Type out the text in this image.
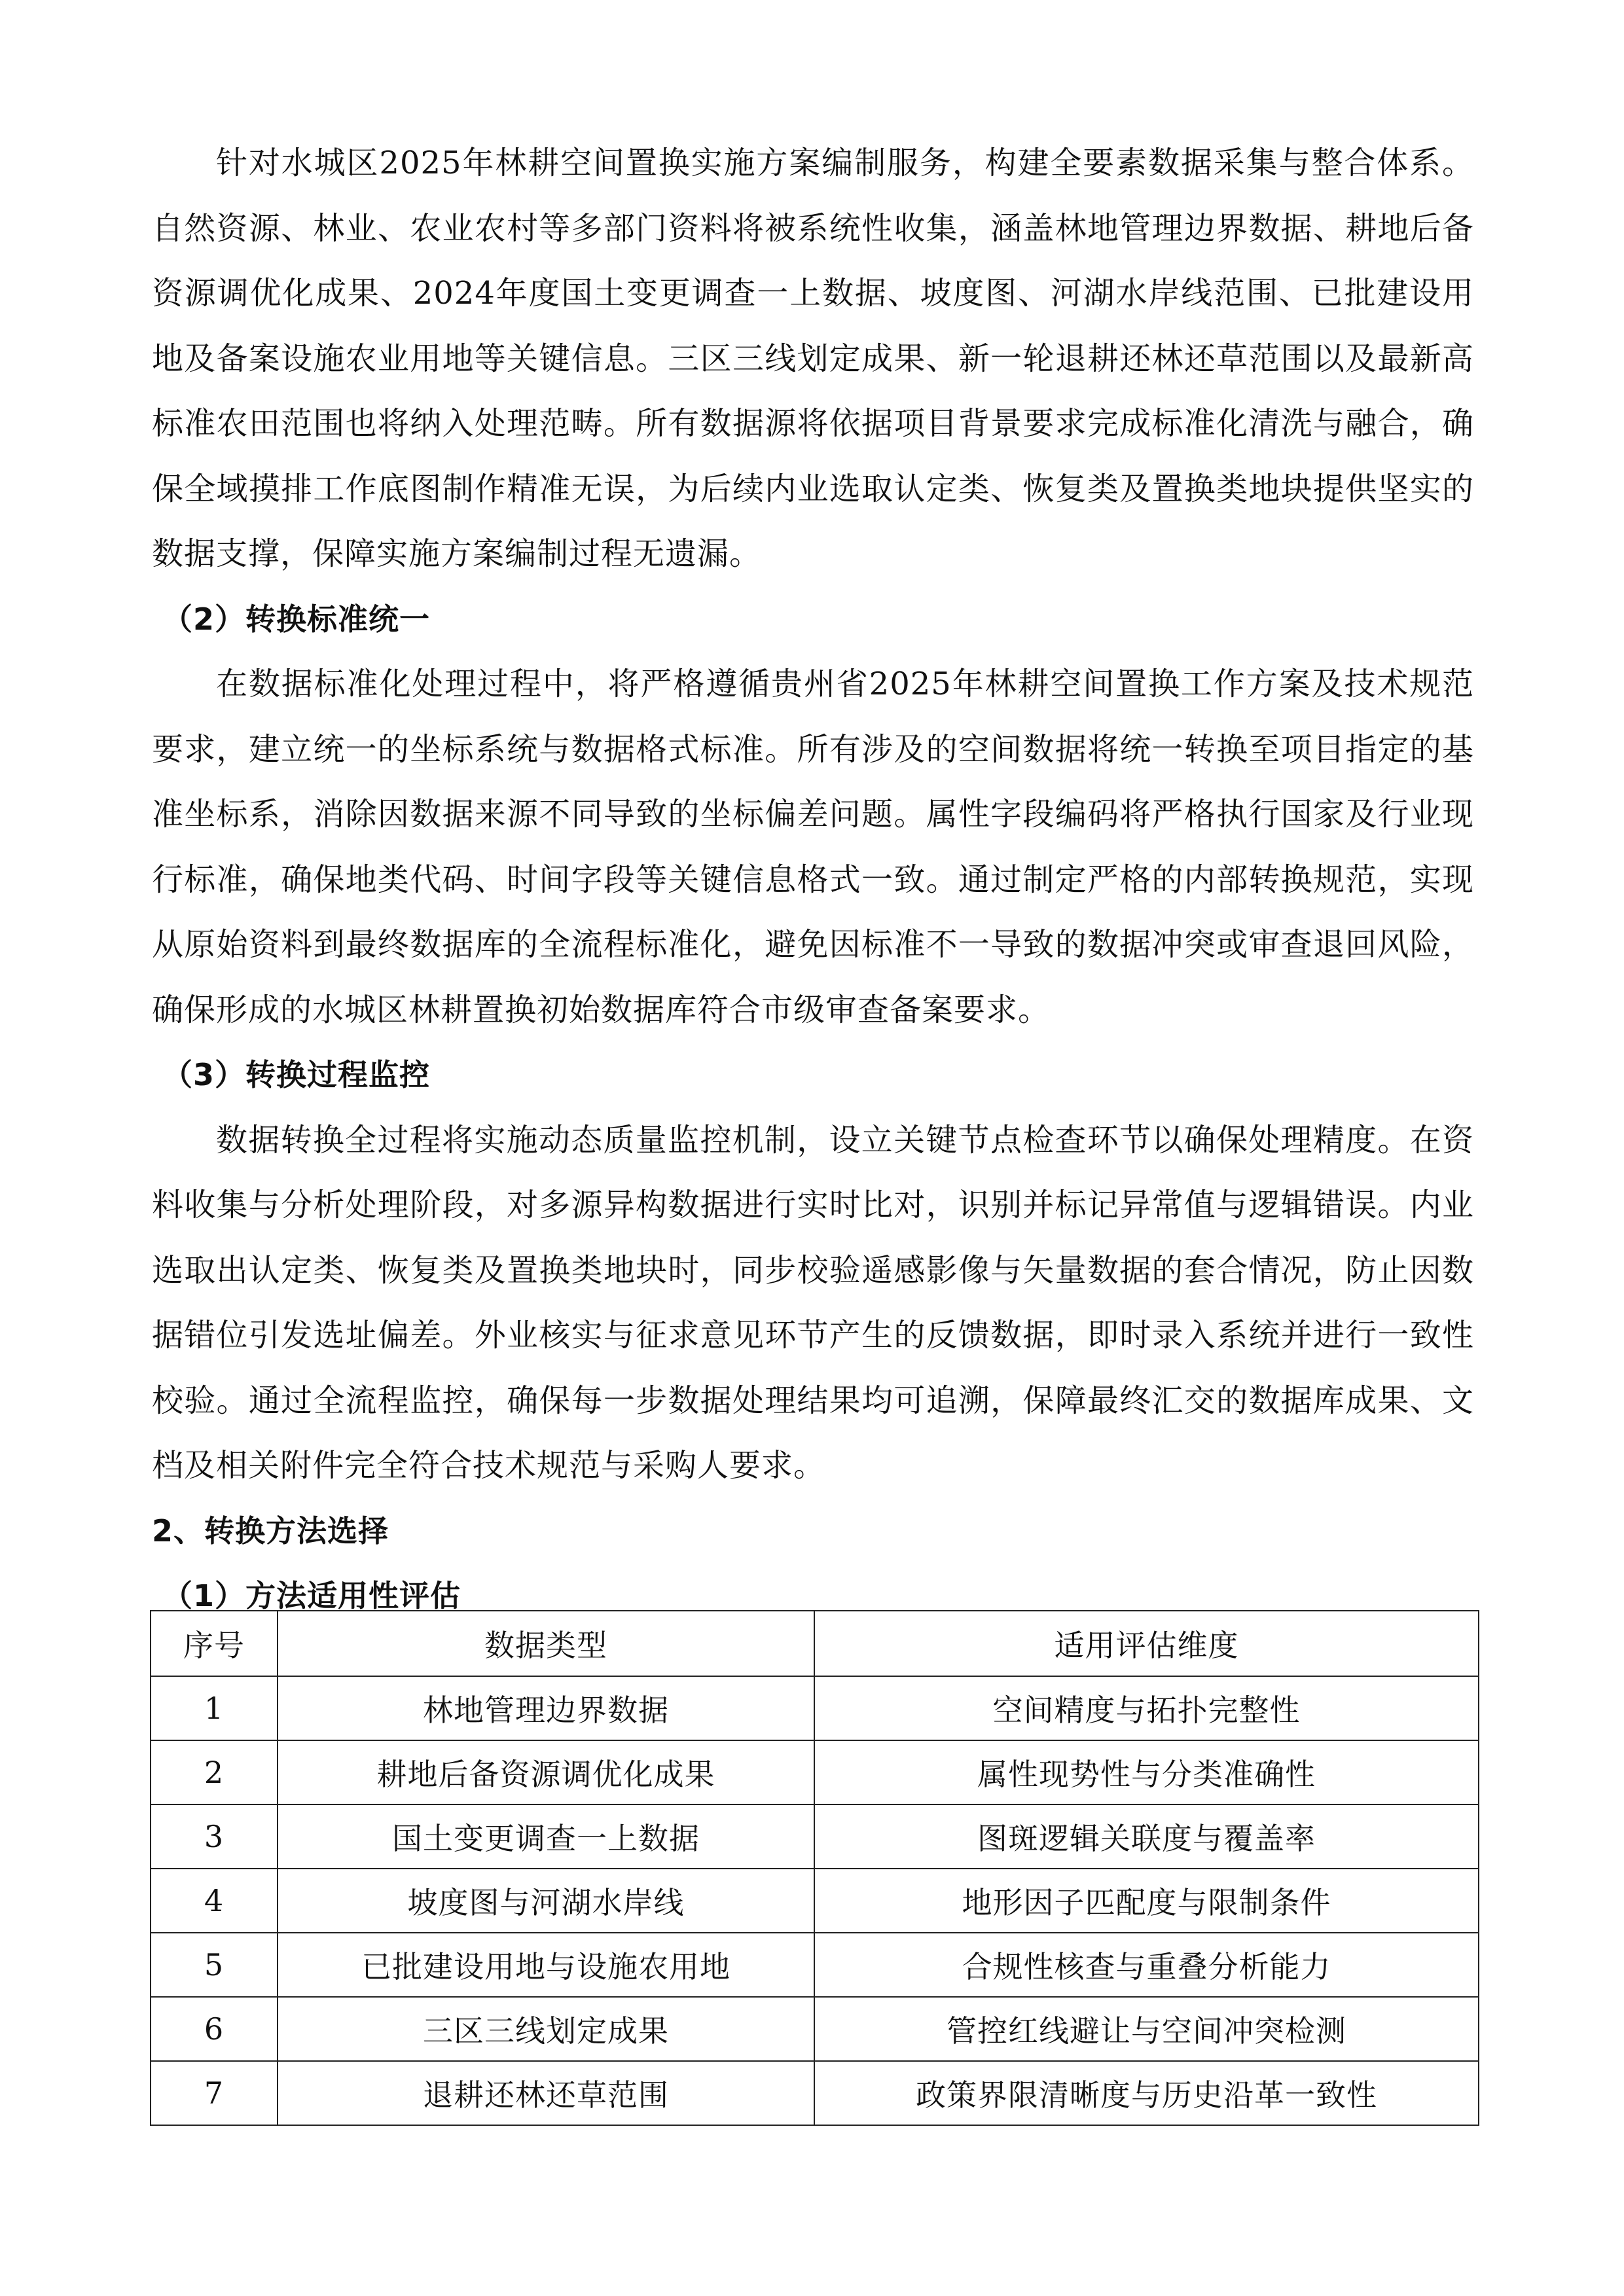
针对水城区2025年林耕空间置换实施方案编制服务，构建全要素数据采集与整合体系。自然资源、林业、农业农村等多部门资料将被系统性收集，涵盖林地管理边界数据、耕地后备资源调优化成果、2024年度国土变更调查一上数据、坡度图、河湖水岸线范围、已批建设用地及备案设施农业用地等关键信息。三区三线划定成果、新一轮退耕还林还草范围以及最新高标准农田范围也将纳入处理范畴。所有数据源将依据项目背景要求完成标准化清洗与融合，确保全域摸排工作底图制作精准无误，为后续内业选取认定类、恢复类及置换类地块提供坚实的数据支撑，保障实施方案编制过程无遗漏。

（2）转换标准统一

在数据标准化处理过程中，将严格遵循贵州省2025年林耕空间置换工作方案及技术规范要求，建立统一的坐标系统与数据格式标准。所有涉及的空间数据将统一转换至项目指定的基准坐标系，消除因数据来源不同导致的坐标偏差问题。属性字段编码将严格执行国家及行业现行标准，确保地类代码、时间字段等关键信息格式一致。通过制定严格的内部转换规范，实现从原始资料到最终数据库的全流程标准化，避免因标准不一导致的数据冲突或审查退回风险，确保形成的水城区林耕置换初始数据库符合市级审查备案要求。

（3）转换过程监控

数据转换全过程将实施动态质量监控机制，设立关键节点检查环节以确保处理精度。在资料收集与分析处理阶段，对多源异构数据进行实时比对，识别并标记异常值与逻辑错误。内业选取出认定类、恢复类及置换类地块时，同步校验遥感影像与矢量数据的套合情况，防止因数据错位引发选址偏差。外业核实与征求意见环节产生的反馈数据，即时录入系统并进行一致性校验。通过全流程监控，确保每一步数据处理结果均可追溯，保障最终汇交的数据库成果、文档及相关附件完全符合技术规范与采购人要求。

2、转换方法选择

（1）方法适用性评估

序号	数据类型	适用评估维度
1	林地管理边界数据	空间精度与拓扑完整性
2	耕地后备资源调优化成果	属性现势性与分类准确性
3	国土变更调查一上数据	图斑逻辑关联度与覆盖率
4	坡度图与河湖水岸线	地形因子匹配度与限制条件
5	已批建设用地与设施农用地	合规性核查与重叠分析能力
6	三区三线划定成果	管控红线避让与空间冲突检测
7	退耕还林还草范围	政策界限清晰度与历史沿革一致性
